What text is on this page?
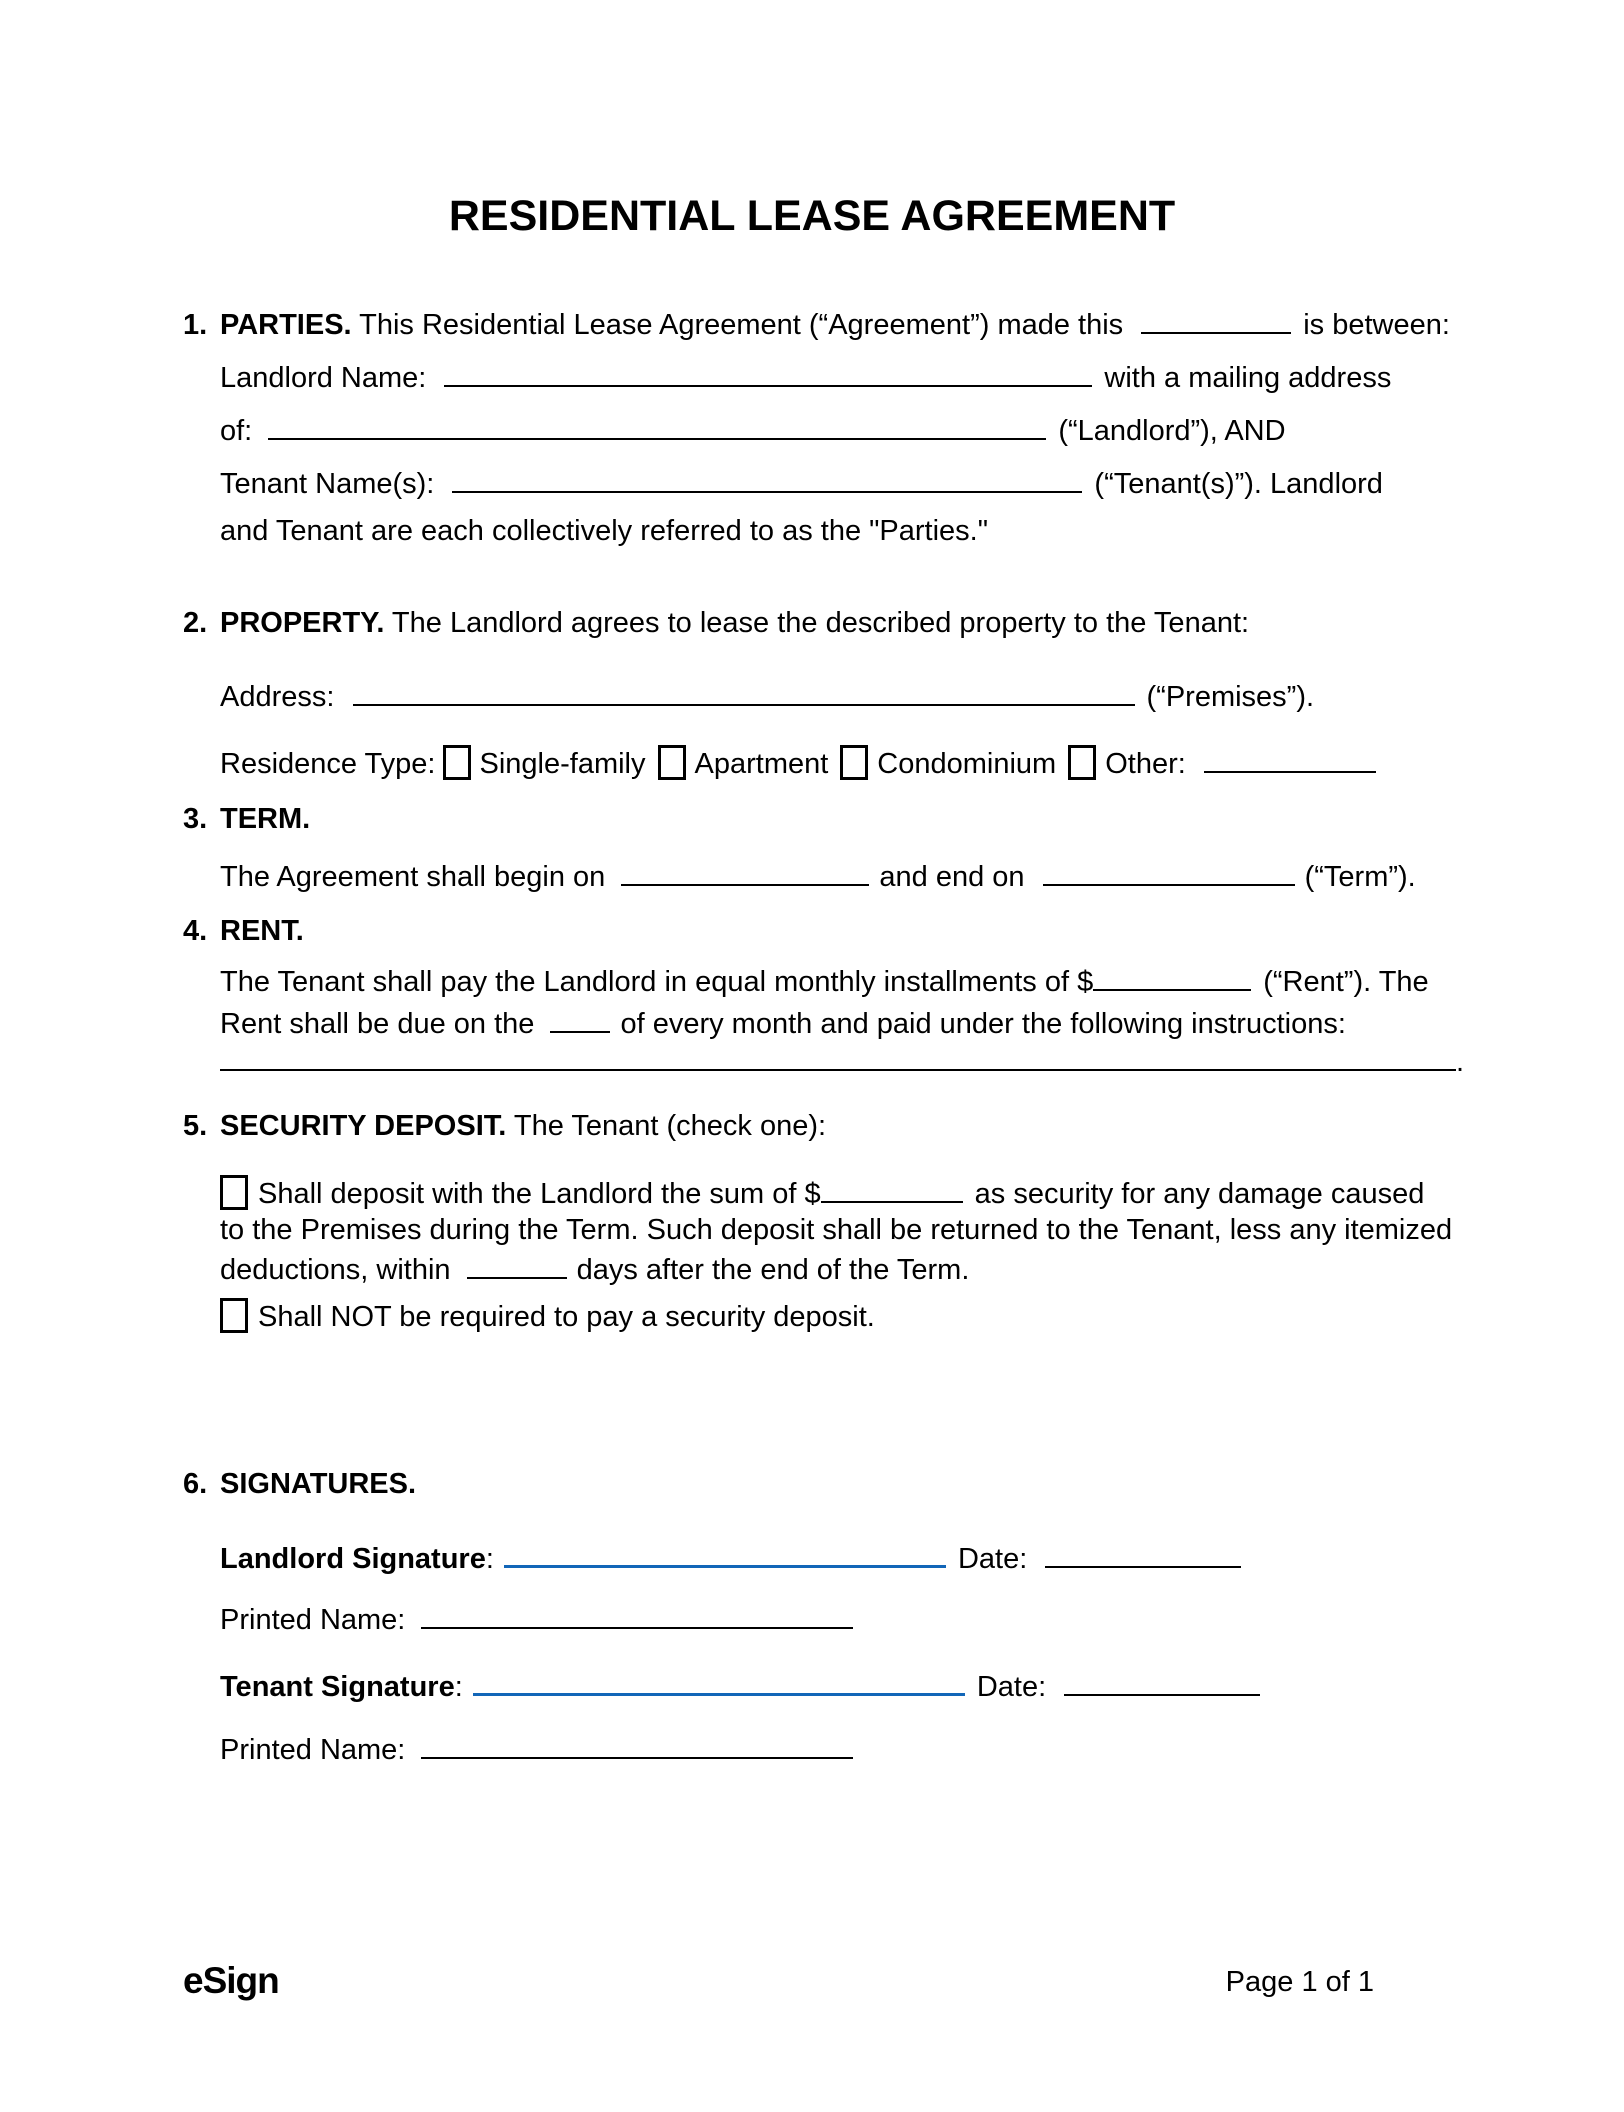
RESIDENTIAL LEASE AGREEMENT
1. PARTIES. This Residential Lease Agreement (“Agreement”) made this	is between:
Landlord Name:	with a mailing address
of:	(“Landlord”), AND
Tenant Name(s):	(“Tenant(s)”). Landlord
and Tenant are each collectively referred to as the "Parties."
2. PROPERTY. The Landlord agrees to lease the described property to the Tenant:
Address:	(“Premises”).
Residence Type: Single-family Apartment Condominium Other:
3. TERM.
The Agreement shall begin on	and end on	(“Term”).
4. RENT.
The Tenant shall pay the Landlord in equal monthly installments of $	(“Rent”). The
Rent shall be due on the	of every month and paid under the following instructions:
.
5. SECURITY DEPOSIT. The Tenant (check one):
Shall deposit with the Landlord the sum of $	as security for any damage caused
to the Premises during the Term. Such deposit shall be returned to the Tenant, less any itemized
deductions, within	days after the end of the Term.
Shall NOT be required to pay a security deposit.
6. SIGNATURES.
Landlord Signature:	Date:
Printed Name:
Tenant Signature:	Date:
Printed Name:
eSign	Page 1 of 1
